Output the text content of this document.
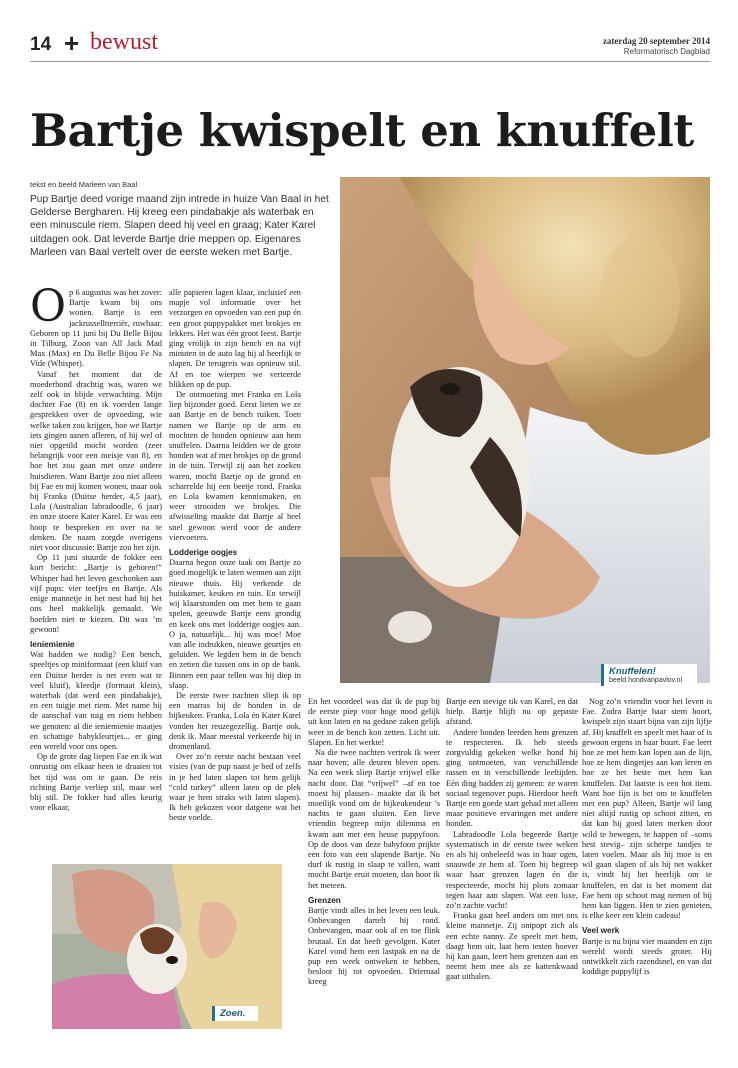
14 + bewust	zaterdag 20 september 2014
Reformatorisch Dagblad
Bartje kwispelt en knuffelt
tekst en beeld Marleen van Baal

Pup Bartje deed vorige maand zijn intrede in huize Van Baal in het Gelderse Bergharen. Hij kreeg een pindabakje als waterbak en een minuscule riem. Slapen deed hij veel en graag; Kater Karel uitdagen ook. Dat leverde Bartje drie meppen op. Eigenares Marleen van Baal vertelt over de eerste weken met Bartje.

Knuffelen!
beeld hondvanpavlov.nl
O p 6 augustus was het zover: Bartje kwam bij ons wonen. Bartje is een jackrusselltterriër, ruwhaar. Geboren op 11 juni bij Du Belle Bijou in Tilburg. Zoon van All Jack Mad Max (Max) en Du Belle Bijou Fe Na Vide (Whisper).

Vanaf het moment dat de moederhond drachtig was, waren we zelf ook in blijde verwachting. Mijn dochter Fae (8) en ik voerden lange gesprekken over de opvoeding, wie welke taken zou krijgen, hoe we Bartje iets gingen aanen afleren, of hij wel of niet opgetild mocht worden (zeer belangrijk voor een meisje van 8), en hoe het zou gaan met onze andere huisdieren. Want Bartje zou niet alleen bij Fae en mij komen wonen, maar ook bij Franka (Duitse herder, 4,5 jaar), Lola (Australian labradoodle, 6 jaar) en onze stoere Kater Karel. Er was een hoop te bespreken en over na te denken. De naam zorgde overigens niet voor discussie: Bartje zou het zijn.

Op 11 juni stuurde de fokker een kort bericht: „Bartje is geboren!” Whisper had het leven geschonken aan vijf pups: vier teefjes en Bartje. Als enige mannetje in het nest had hij het ons heel makkelijk gemaakt. We hoefden niet te kiezen. Dit was ’m gewoon!

Ieniemienie

Wat hadden we nodig? Een bench, speeltjes op miniformaat (een kluif van een Duitse herder is net even wat te veel kluif), kleedje (formaat klein), waterbak (dat werd een pindabakje), en een tuigje met riem. Met name bij de aanschaf van tuig en riem hebben we genoten: al die ieniemienie maatjes en schattige babykleurtjes... er ging een wereld voor ons open.

Op de grote dag liepen Fae en ik wat onrustig om elkaar heen te draaien tot het tijd was om te gaan. De reis richting Bartje verliep stil, maar wel blij stil. De fokker had alles keurig voor elkaar,

alle papieren lagen klaar, inclusief een mapje vol informatie over het verzorgen en opvoeden van een pup én een groot puppypakket met brokjes en lekkers. Het was één groot feest. Bartje ging vrolijk in zijn bench en na vijf minuten in de auto lag hij al heerlijk te slapen. De terugreis was opnieuw stil. Af en toe wierpen we verteerde blikken op de pup.

De ontmoeting met Franka en Lola liep bijzonder goed. Eerst lieten we ze aan Bartje en de bench ruiken. Toen namen we Bartje op de arm en mochten de honden opnieuw aan hem snuffelen. Daarna leidden we de grote honden wat af met brokjes op de grond in de tuin. Terwijl zij aan het zoeken waren, mocht Bartje op de grond en scharrelde hij een beetje rond. Franka en Lola kwamen kennismaken, en weer strooiden we brokjes. Die afwisseling maakte dat Bartje al heel snel gewoon werd voor de andere viervoeters.

Lodderige oogjes

Daarna begon onze taak om Bartje zo goed mogelijk te laten wennen aan zijn nieuwe thuis. Hij verkende de huiskamer, keuken en tuin. En terwijl wij klaarstonden om met hem te gaan spelen, geeuwde Bartje eens grondig en keek ons met lodderige oogjes aan. O ja, natuurlijk... hij was moe! Moe van alle indrukken, nieuwe geurtjes en geluiden. We legden hem in de bench en zetten die tussen ons in op de bank. Binnen een paar tellen was hij diep in slaap.

De eerste twee nachten sliep ik op een matras bij de honden in de bijkeuken. Franka, Lola én Kater Karel vonden het reuzegezellig. Bartje ook, denk ik. Maar meestal verkeerde hij in dromenland.

Over zo’n eerste nacht bestaan veel visies (van de pup naast je bed of zelfs in je bed laten slapen tot hem gelijk “cold turkey” alleen laten op de plek waar je hem straks wilt laten slapen). Ik heb gekozen voor datgene wat het beste voelde.

Zoen.

En het voordeel was dat ik de pup bij de eerste piep voor hoge nood gelijk uit kon laten en na gedane zaken gelijk weer in de bench kon zetten. Licht uit. Slapen. En het werkte!

Na die twee nachten vertrok ik weer naar boven; alle deuren bleven open. Na een week sliep Bartje vrijwel elke nacht door. Dat “vrijwel” –af en toe moest hij plassen– maakte dat ik het moeilijk vond om de bijkeukendeur ’s nachts te gaan sluiten. Een lieve vriendin begreep mijn dilemma en kwam aan met een heuse puppyfoon. Op de doos van deze babyfoon prijkte een foto van een slapende Bartje. Nu durf ik rustig in slaap te vallen, want mocht Bartje eruit moeten, dan hoor ik het meteen.

Grenzen

Bartje vindt alles in het leven een leuk. Onbevangen dartelt hij rond. Onbevangen, maar ook af en toe flink brutaal. En dat heeft gevolgen. Kater Karel vond hem een lastpak en na de pup een week ontweken te hebben, besloot hij tot opvoeden. Driemaal kreeg

Bartje een stevige tik van Karel, en dat hielp. Bartje blijft nu op gepaste afstand.

Andere honden leerden hem grenzen te respecteren. Ik heb steeds zorgvuldig gekeken welke hond hij ging ontmoeten, van verschillende rassen en in verschillende leeftijden. Eén ding hadden zij gemeen: ze waren sociaal tegenover pups. Hierdoor heeft Bartje een goede start gehad met alleen maar positieve ervaringen met andere honden.

Labradoodle Lola begeerde Bartje systematisch in de eerste twee weken en als hij onbeleefd was in haar ogen, snauwde ze hem af. Toen hij begreep waar haar grenzen lagen én die respecteerde, mocht hij plots zomaar tegen haar aan slapen. Wat een luxe, zo’n zachte vacht!

Franka gaat heel anders om met ons kleine mannetje. Zij ontpopt zich als een echte nanny. Ze speelt met hem, daagt hem uit, laat hem testen hoever hij kan gaan, leert hem grenzen aan en neemt hem mee als ze kattenkwaad gaat uithalen.

Nog zo’n vriendin voor het leven is Fae. Zodra Bartje haar stem hoort, kwispelt zijn staart bijna van zijn lijfje af. Hij knuffelt en speelt met haar of is gewoon ergens in haar buurt. Fae leert hoe ze met hem kan lopen aan de lijn, hoe ze hem dingetjes aan kan leren en hoe ze het beste met hem kan knuffelen. Dat laatste is een hot item. Want hoe fijn is het om te knuffelen met een pup? Alleen, Bartje wil lang niet altijd rustig op schoot zitten, en dat kan hij goed laten merken door wild te bewegen, te happen of –soms best stevig– zijn scherpe tandjes te laten voelen. Maar als hij moe is en wil gaan slapen of als hij net wakker is, vindt hij het heerlijk om te knuffelen, en dat is het moment dat Fae hem op schoot mag nemen of bij hem kan liggen. Hen te zien genieten, is elke keer een klein cadeau!

Veel werk

Bartje is nu bijna vier maanden en zijn wereld wordt steeds groter. Hij ontwikkelt zich razendsnel, en van dat koddige puppylijf is
